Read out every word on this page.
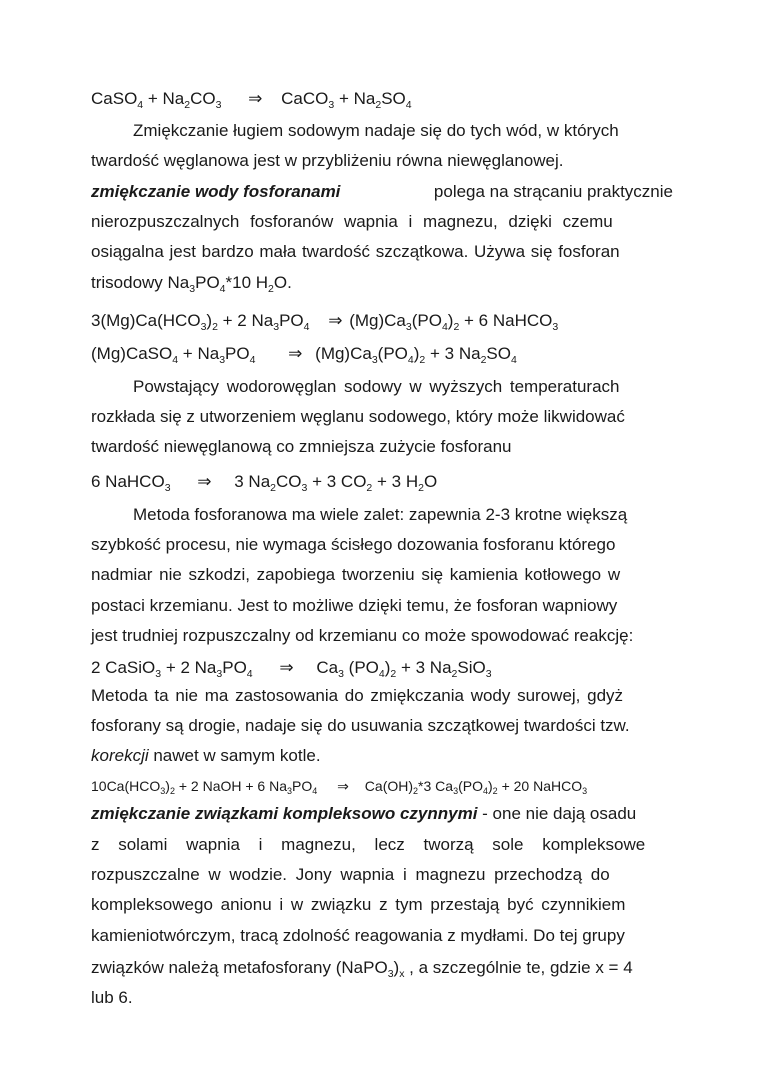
CaSO$_4$ + $Na_2CO_3$ ⇒ CaCO$_3$ + $Na_2SO_4$
Zmiękczanie ługiem sodowym nadaje się do tych wód, w których
twardość węglanowa jest w przybliżeniu równa niewęglanowej.
zmiękczanie wody fosforanami	polega na strącaniu praktycznie
nierozpuszczalnych fosforanów wapnia i magnezu, dzięki czemu
osiągalna jest bardzo mała twardość szczątkowa. Używa się fosforan
trisodowy $Na_3PO_4*10$ $H_2O$.
$3(Mg)Ca(HCO_3)_2 + 2$ $Na_3PO_4$ ⇒ $(Mg)Ca_3(PO_4)_2 + 6$ NaHCO$_3$
(Mg)CaSO$_4$ + $Na_3PO_4$ ⇒ $(Mg)Ca_3(PO_4)_2 + 3$ $Na_2SO_4$
Powstający wodorowęglan sodowy w wyższych temperaturach
rozkłada się z utworzeniem węglanu sodowego, który może likwidować
twardość niewęglanową co zmniejsza zużycie fosforanu
6 NaHCO$_3$ ⇒ 3 $Na_2CO_3 + 3$ $CO_2 + 3$ $H_2O$
Metoda fosforanowa ma wiele zalet: zapewnia 2-3 krotne większą
szybkość procesu, nie wymaga ścisłego dozowania fosforanu którego
nadmiar nie szkodzi, zapobiega tworzeniu się kamienia kotłowego w
postaci krzemianu. Jest to możliwe dzięki temu, że fosforan wapniowy
jest trudniej rozpuszczalny od krzemianu co może spowodować reakcję:
2 CaSiO$_3$ + 2 $Na_3PO_4$ ⇒ $Ca_3$ $(PO_4)_2 + 3$ $Na_2SiO_3$
Metoda ta nie ma zastosowania do zmiękczania wody surowej, gdyż
fosforany są drogie, nadaje się do usuwania szczątkowej twardości tzw.
korekcji nawet w samym kotle.
$10Ca(HCO_3)_2 + 2$ NaOH + 6 $Na_3PO_4$ ⇒ $Ca(OH)_2*3$ $Ca_3(PO_4)_2 + 20$ NaHCO$_3$
zmiękczanie związkami kompleksowo czynnymi - one nie dają osadu
z solami wapnia i magnezu, lecz tworzą sole kompleksowe
rozpuszczalne w wodzie. Jony wapnia i magnezu przechodzą do
kompleksowego anionu i w związku z tym przestają być czynnikiem
kamieniotwórczym, tracą zdolność reagowania z mydłami. Do tej grupy
związków należą metafosforany $(NaPO_3)_x$ , a szczególnie te, gdzie x = 4
lub 6.
